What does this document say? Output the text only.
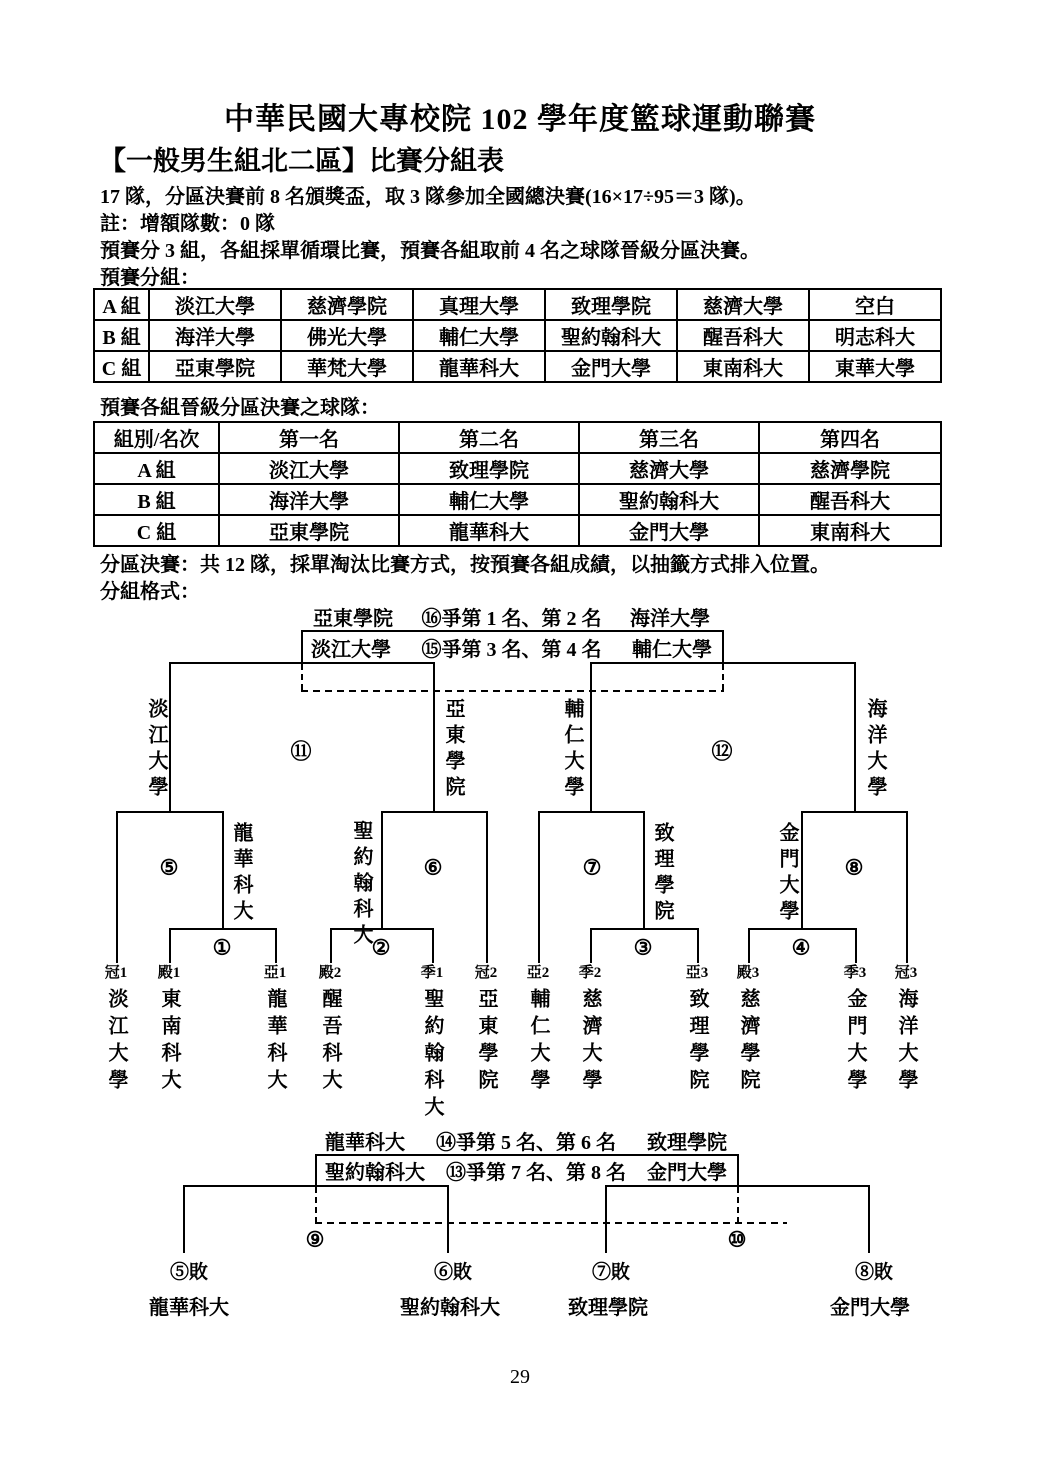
中華民國大專校院 102 學年度籃球運動聯賽
【一般男生組北二區】比賽分組表
17 隊，分區決賽前 8 名頒獎盃，取 3 隊參加全國總決賽(16×17÷95＝3 隊)。
註：增額隊數：0 隊
預賽分 3 組，各組採單循環比賽，預賽各組取前 4 名之球隊晉級分區決賽。
預賽分組：
A 組	淡江大學	慈濟學院	真理大學	致理學院	慈濟大學	空白
B 組	海洋大學	佛光大學	輔仁大學	聖約翰科大	醒吾科大	明志科大
C 組	亞東學院	華梵大學	龍華科大	金門大學	東南科大	東華大學
預賽各組晉級分區決賽之球隊：
組別/名次	第一名	第二名	第三名	第四名
A 組	淡江大學	致理學院	慈濟大學	慈濟學院
B 組	海洋大學	輔仁大學	聖約翰科大	醒吾科大
C 組	亞東學院	龍華科大	金門大學	東南科大
分區決賽：共 12 隊，採單淘汰比賽方式，按預賽各組成績，以抽籤方式排入位置。
分組格式：
亞東學院 ⑯爭第 1 名、第 2 名 海洋大學
淡江大學 ⑮爭第 3 名、第 4 名 輔仁大學
淡江大學	亞東學院	輔仁大學	海洋大學
龍華科大	聖約翰科大	致理學院	金門大學
⑪	⑫
⑤	⑥	⑦	⑧
①	②	③	④
冠1
淡江大學
殿1
東南科大
亞1
龍華科大
殿2
醒吾科大
季1
聖約翰科大
冠2
亞東學院
亞2
輔仁大學
季2
慈濟大學
亞3
致理學院
殿3
慈濟學院
季3
金門大學
冠3
海洋大學
龍華科大 ⑭爭第 5 名、第 6 名 致理學院
聖約翰科大 ⑬爭第 7 名、第 8 名 金門大學
⑨	⑩
⑤敗	⑥敗	⑦敗	⑧敗
龍華科大	聖約翰科大	致理學院	金門大學
29
